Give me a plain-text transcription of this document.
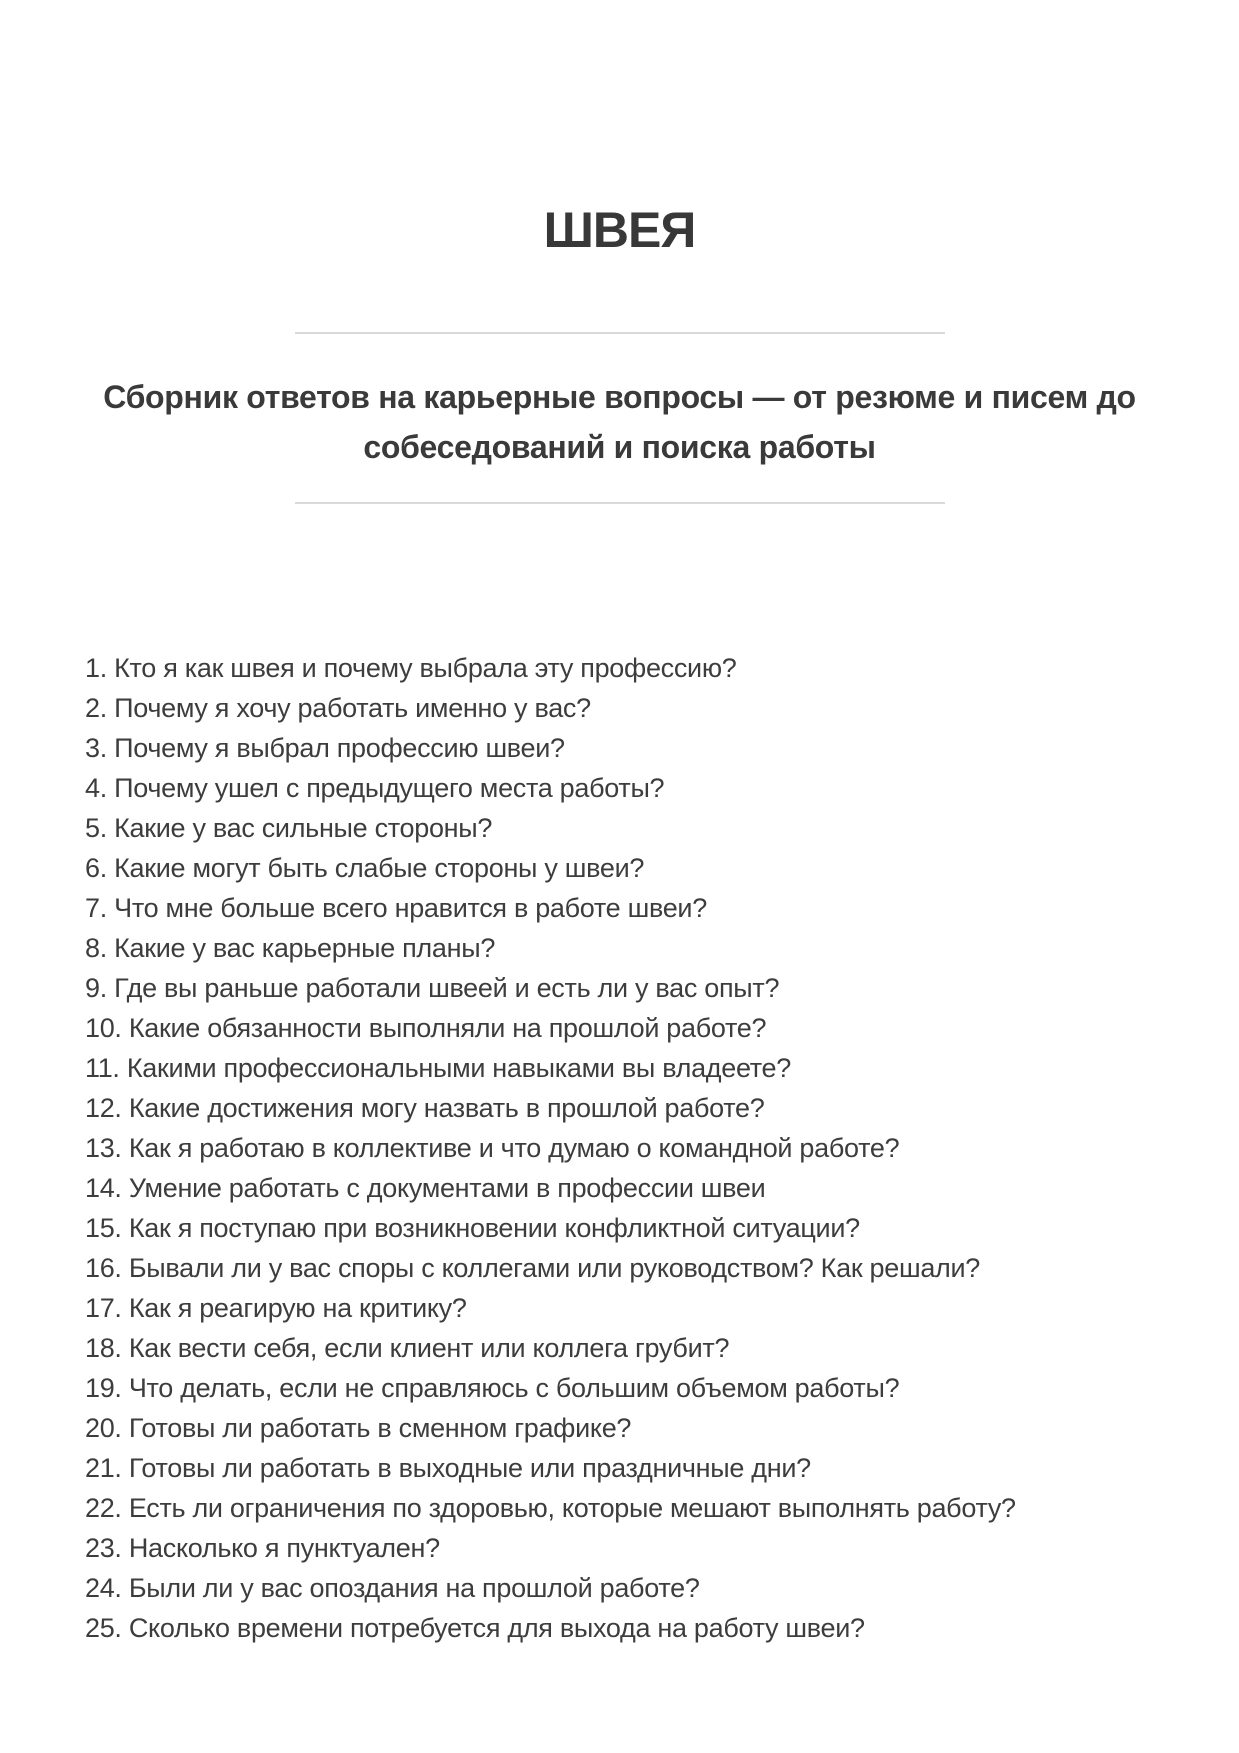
ШВЕЯ

Сборник ответов на карьерные вопросы — от резюме и писем до собеседований и поиска работы

1. Кто я как швея и почему выбрала эту профессию?

2. Почему я хочу работать именно у вас?

3. Почему я выбрал профессию швеи?

4. Почему ушел с предыдущего места работы?

5. Какие у вас сильные стороны?

6. Какие могут быть слабые стороны у швеи?

7. Что мне больше всего нравится в работе швеи?

8. Какие у вас карьерные планы?

9. Где вы раньше работали швеей и есть ли у вас опыт?

10. Какие обязанности выполняли на прошлой работе?

11. Какими профессиональными навыками вы владеете?

12. Какие достижения могу назвать в прошлой работе?

13. Как я работаю в коллективе и что думаю о командной работе?

14. Умение работать с документами в профессии швеи

15. Как я поступаю при возникновении конфликтной ситуации?

16. Бывали ли у вас споры с коллегами или руководством? Как решали?

17. Как я реагирую на критику?

18. Как вести себя, если клиент или коллега грубит?

19. Что делать, если не справляюсь с большим объемом работы?

20. Готовы ли работать в сменном графике?

21. Готовы ли работать в выходные или праздничные дни?

22. Есть ли ограничения по здоровью, которые мешают выполнять работу?

23. Насколько я пунктуален?

24. Были ли у вас опоздания на прошлой работе?

25. Сколько времени потребуется для выхода на работу швеи?
